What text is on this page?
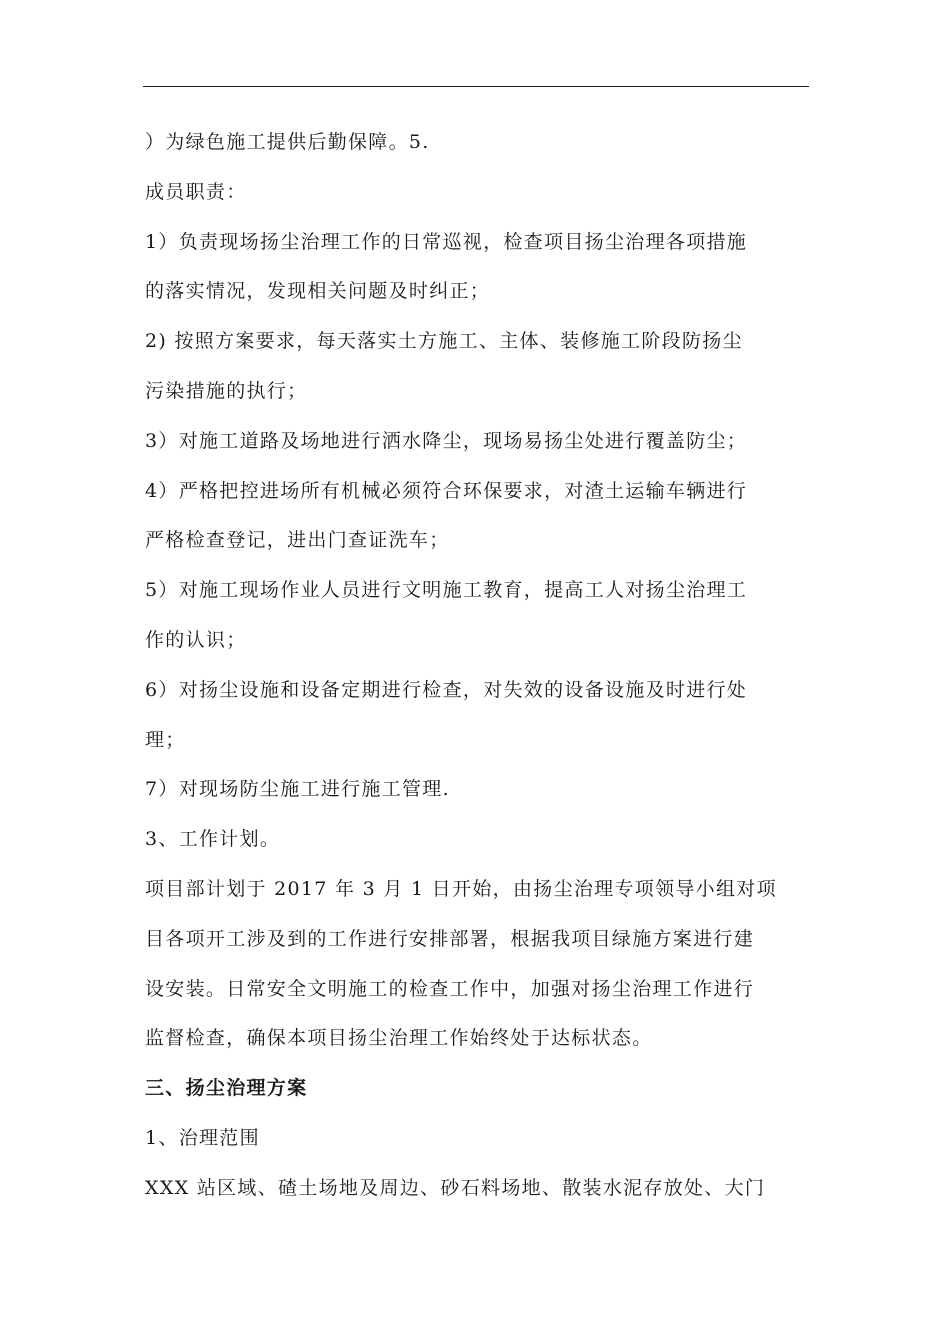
）为绿色施工提供后勤保障。5.
成员职责：
1）负责现场扬尘治理工作的日常巡视，检查项目扬尘治理各项措施
的落实情况，发现相关问题及时纠正；
2) 按照方案要求，每天落实土方施工、主体、装修施工阶段防扬尘
污染措施的执行；
3）对施工道路及场地进行洒水降尘，现场易扬尘处进行覆盖防尘；
4）严格把控进场所有机械必须符合环保要求，对渣土运输车辆进行
严格检查登记，进出门查证洗车；
5）对施工现场作业人员进行文明施工教育，提高工人对扬尘治理工
作的认识；
6）对扬尘设施和设备定期进行检查，对失效的设备设施及时进行处
理；
7）对现场防尘施工进行施工管理.
3、工作计划。
项目部计划于 2017 年 3 月 1 日开始，由扬尘治理专项领导小组对项
目各项开工涉及到的工作进行安排部署，根据我项目绿施方案进行建
设安装。日常安全文明施工的检查工作中，加强对扬尘治理工作进行
监督检查，确保本项目扬尘治理工作始终处于达标状态。
三、扬尘治理方案
1、治理范围
XXX 站区域、碴土场地及周边、砂石料场地、散装水泥存放处、大门
